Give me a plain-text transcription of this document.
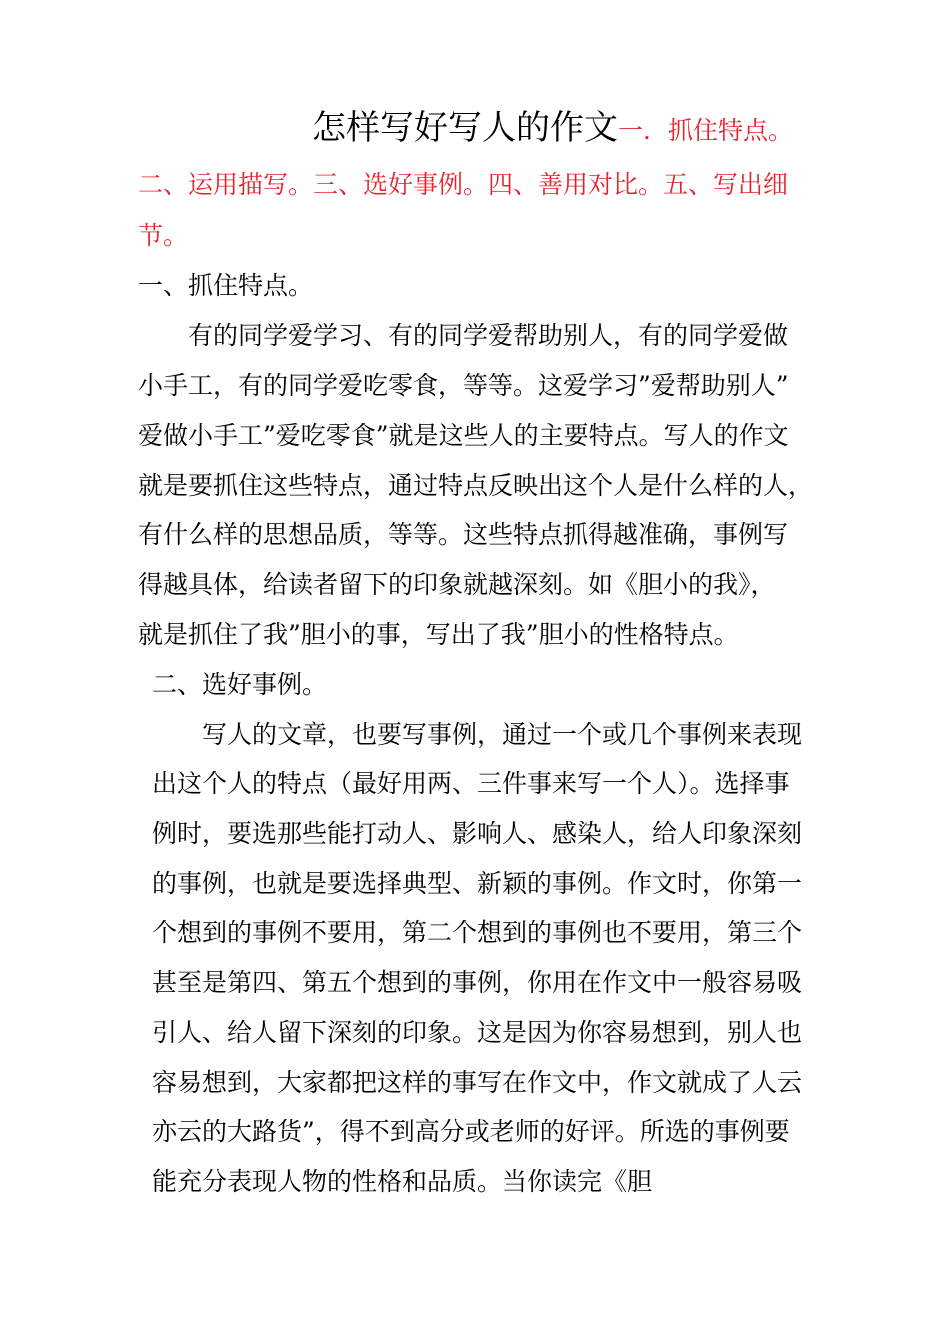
怎样写好写人的作文一．抓住特点。
二、运用描写。三、选好事例。四、善用对比。五、写出细
节。
一、抓住特点。
有的同学爱学习、有的同学爱帮助别人，有的同学爱做
小手工，有的同学爱吃零食，等等。这爱学习”爱帮助别人”
爱做小手工”爱吃零食”就是这些人的主要特点。写人的作文
就是要抓住这些特点，通过特点反映出这个人是什么样的人，
有什么样的思想品质，等等。这些特点抓得越准确，事例写
得越具体，给读者留下的印象就越深刻。如《胆小的我》，
就是抓住了我”胆小的事，写出了我”胆小的性格特点。
二、选好事例。
写人的文章，也要写事例，通过一个或几个事例来表现
出这个人的特点（最好用两、三件事来写一个人）。选择事
例时，要选那些能打动人、影响人、感染人，给人印象深刻
的事例，也就是要选择典型、新颖的事例。作文时，你第一
个想到的事例不要用，第二个想到的事例也不要用，第三个
甚至是第四、第五个想到的事例，你用在作文中一般容易吸
引人、给人留下深刻的印象。这是因为你容易想到，别人也
容易想到，大家都把这样的事写在作文中，作文就成了人云
亦云的大路货”，得不到高分或老师的好评。所选的事例要
能充分表现人物的性格和品质。当你读完《胆
